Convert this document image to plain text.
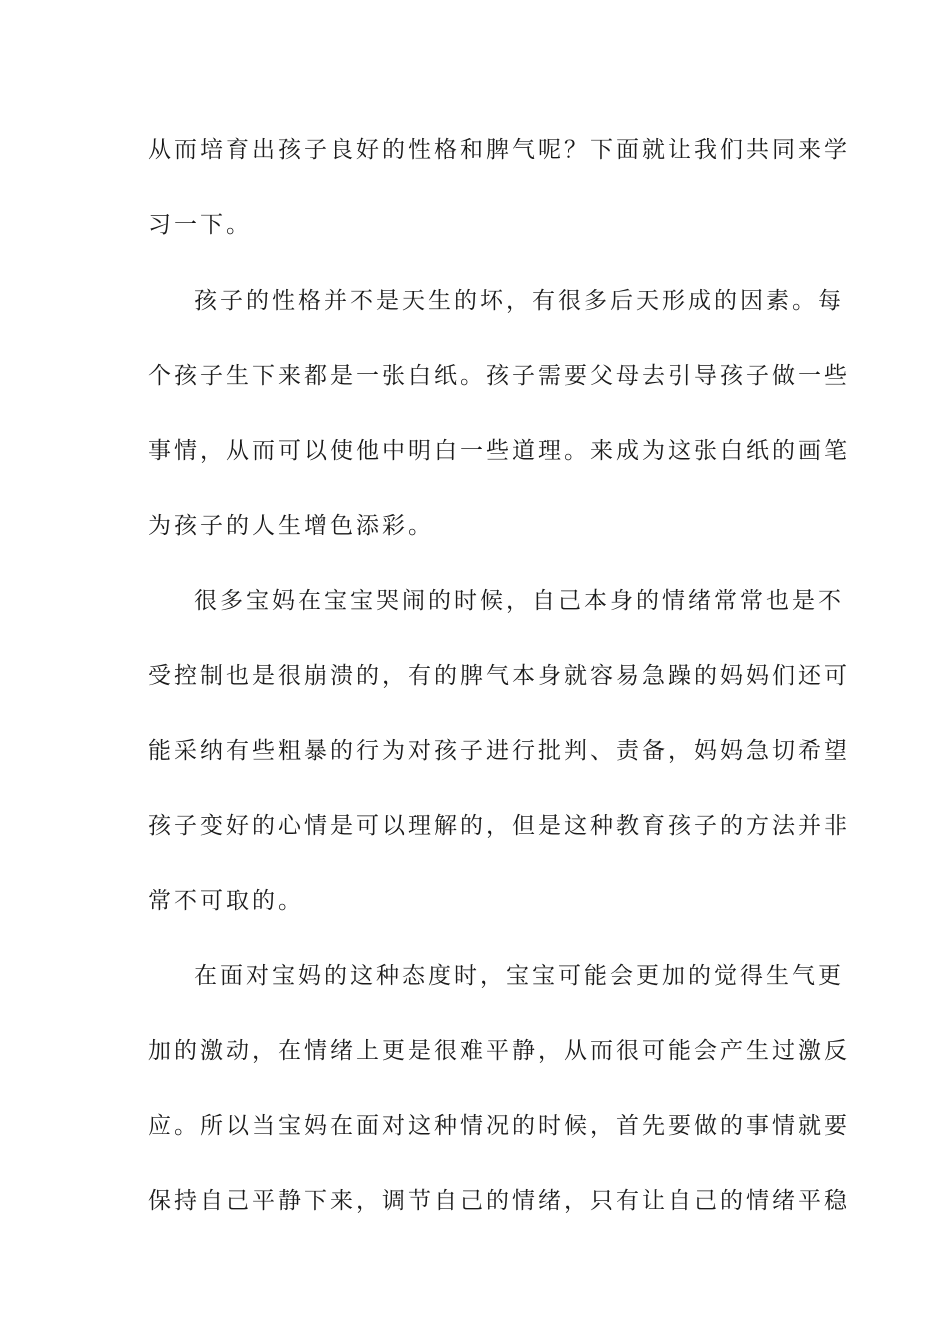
从而培育出孩子良好的性格和脾气呢？下面就让我们共同来学
习一下。
孩子的性格并不是天生的坏，有很多后天形成的因素。每
个孩子生下来都是一张白纸。孩子需要父母去引导孩子做一些
事情，从而可以使他中明白一些道理。来成为这张白纸的画笔
为孩子的人生增色添彩。
很多宝妈在宝宝哭闹的时候，自己本身的情绪常常也是不
受控制也是很崩溃的，有的脾气本身就容易急躁的妈妈们还可
能采纳有些粗暴的行为对孩子进行批判、责备，妈妈急切希望
孩子变好的心情是可以理解的，但是这种教育孩子的方法并非
常不可取的。
在面对宝妈的这种态度时，宝宝可能会更加的觉得生气更
加的激动，在情绪上更是很难平静，从而很可能会产生过激反
应。所以当宝妈在面对这种情况的时候，首先要做的事情就要
保持自己平静下来，调节自己的情绪，只有让自己的情绪平稳
